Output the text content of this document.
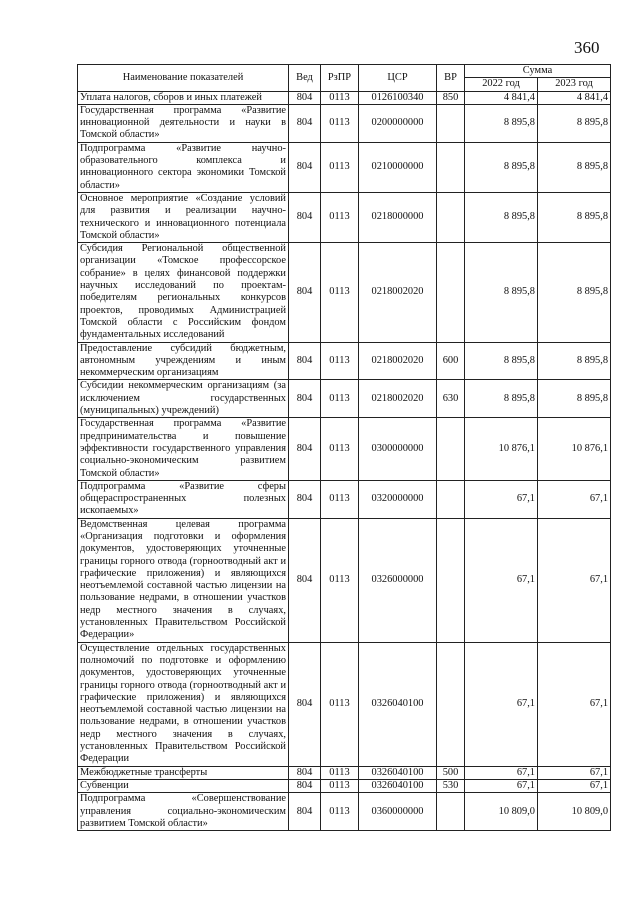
360
Наименование показателей	Вед	РзПР	ЦСР	ВР	Сумма	
					2022 год	2023 год
Уплата налогов, сборов и иных платежей	804	0113	0126100340	850	4 841,4	4 841,4
Государственная программа «Развитие инновационной деятельности и науки в Томской области»	804	0113	0200000000		8 895,8	8 895,8
Подпрограмма «Развитие научно-образовательного комплекса и инновационного сектора экономики Томской области»	804	0113	0210000000		8 895,8	8 895,8
Основное мероприятие «Создание условий для развития и реализации научно-технического и инновационного потенциала Томской области»	804	0113	0218000000		8 895,8	8 895,8
Субсидия Региональной общественной организации «Томское профессорское собрание» в целях финансовой поддержки научных исследований по проектам-победителям региональных конкурсов проектов, проводимых Администрацией Томской области с Российским фондом фундаментальных исследований	804	0113	0218002020		8 895,8	8 895,8
Предоставление субсидий бюджетным, автономным учреждениям и иным некоммерческим организациям	804	0113	0218002020	600	8 895,8	8 895,8
Субсидии некоммерческим организациям (за исключением государственных (муниципальных) учреждений)	804	0113	0218002020	630	8 895,8	8 895,8
Государственная программа «Развитие предпринимательства и повышение эффективности государственного управления социально-экономическим развитием Томской области»	804	0113	0300000000		10 876,1	10 876,1
Подпрограмма «Развитие сферы общераспространенных полезных ископаемых»	804	0113	0320000000		67,1	67,1
Ведомственная целевая программа «Организация подготовки и оформления документов, удостоверяющих уточненные границы горного отвода (горноотводный акт и графические приложения) и являющихся неотъемлемой составной частью лицензии на пользование недрами, в отношении участков недр местного значения в случаях, установленных Правительством Российской Федерации»	804	0113	0326000000		67,1	67,1
Осуществление отдельных государственных полномочий по подготовке и оформлению документов, удостоверяющих уточненные границы горного отвода (горноотводный акт и графические приложения) и являющихся неотъемлемой составной частью лицензии на пользование недрами, в отношении участков недр местного значения в случаях, установленных Правительством Российской Федерации	804	0113	0326040100		67,1	67,1
Межбюджетные трансферты	804	0113	0326040100	500	67,1	67,1
Субвенции	804	0113	0326040100	530	67,1	67,1
Подпрограмма «Совершенствование управления социально-экономическим развитием Томской области»	804	0113	0360000000		10 809,0	10 809,0
